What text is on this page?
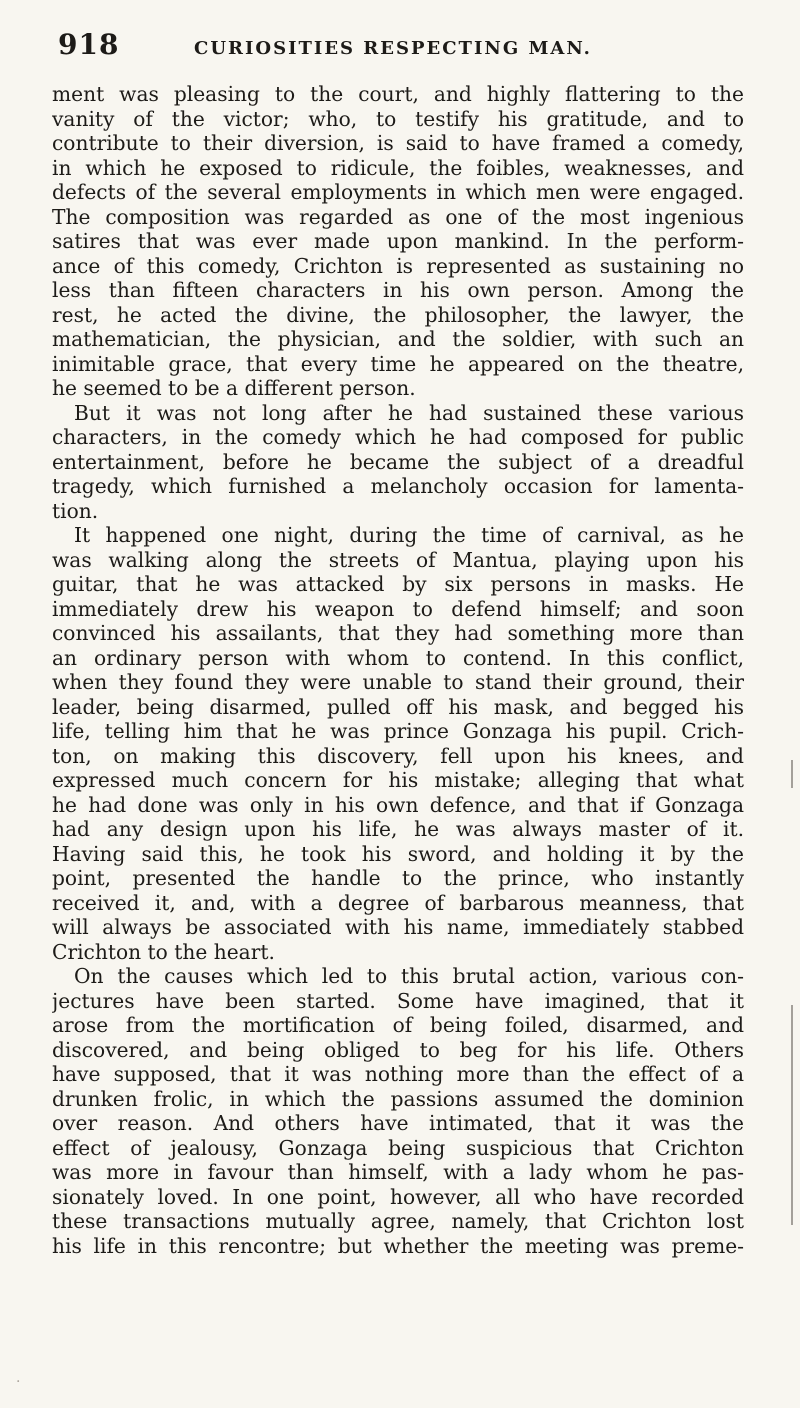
918	CURIOSITIES RESPECTING MAN.
ment was pleasing to the court, and highly flattering to the
vanity of the victor; who, to testify his gratitude, and to
contribute to their diversion, is said to have framed a comedy,
in which he exposed to ridicule, the foibles, weaknesses, and
defects of the several employments in which men were engaged.
The composition was regarded as one of the most ingenious
satires that was ever made upon mankind. In the perform-
ance of this comedy, Crichton is represented as sustaining no
less than fifteen characters in his own person. Among the
rest, he acted the divine, the philosopher, the lawyer, the
mathematician, the physician, and the soldier, with such an
inimitable grace, that every time he appeared on the theatre,
he seemed to be a different person.
But it was not long after he had sustained these various
characters, in the comedy which he had composed for public
entertainment, before he became the subject of a dreadful
tragedy, which furnished a melancholy occasion for lamenta-
tion.
It happened one night, during the time of carnival, as he
was walking along the streets of Mantua, playing upon his
guitar, that he was attacked by six persons in masks. He
immediately drew his weapon to defend himself; and soon
convinced his assailants, that they had something more than
an ordinary person with whom to contend. In this conflict,
when they found they were unable to stand their ground, their
leader, being disarmed, pulled off his mask, and begged his
life, telling him that he was prince Gonzaga his pupil. Crich-
ton, on making this discovery, fell upon his knees, and
expressed much concern for his mistake; alleging that what
he had done was only in his own defence, and that if Gonzaga
had any design upon his life, he was always master of it.
Having said this, he took his sword, and holding it by the
point, presented the handle to the prince, who instantly
received it, and, with a degree of barbarous meanness, that
will always be associated with his name, immediately stabbed
Crichton to the heart.
On the causes which led to this brutal action, various con-
jectures have been started. Some have imagined, that it
arose from the mortification of being foiled, disarmed, and
discovered, and being obliged to beg for his life. Others
have supposed, that it was nothing more than the effect of a
drunken frolic, in which the passions assumed the dominion
over reason. And others have intimated, that it was the
effect of jealousy, Gonzaga being suspicious that Crichton
was more in favour than himself, with a lady whom he pas-
sionately loved. In one point, however, all who have recorded
these transactions mutually agree, namely, that Crichton lost
his life in this rencontre; but whether the meeting was preme-
·
